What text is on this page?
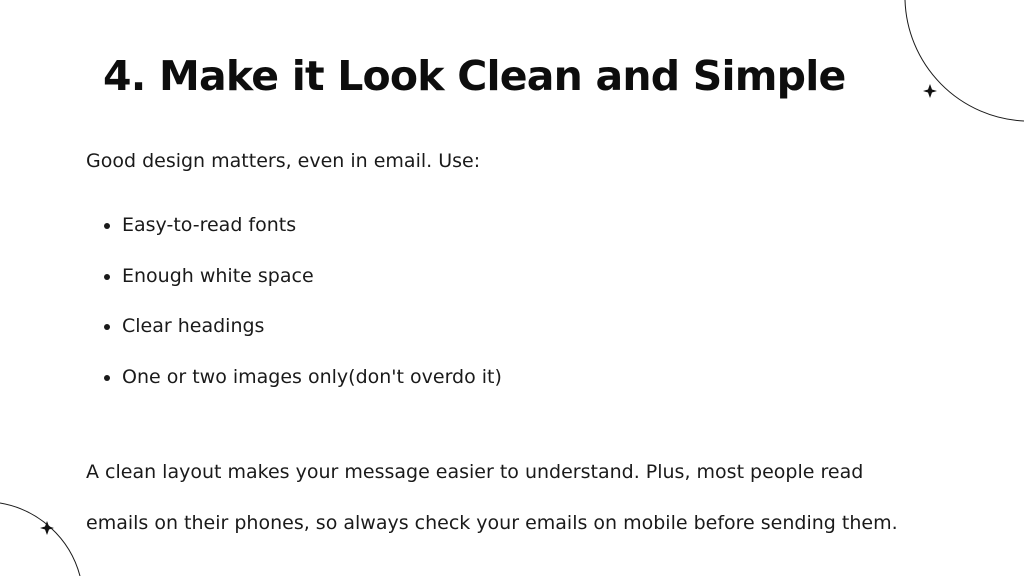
4. Make it Look Clean and Simple

Good design matters, even in email. Use:

Easy-to-read fonts
Enough white space
Clear headings
One or two images only(don't overdo it)

A clean layout makes your message easier to understand. Plus, most people read
emails on their phones, so always check your emails on mobile before sending them.
